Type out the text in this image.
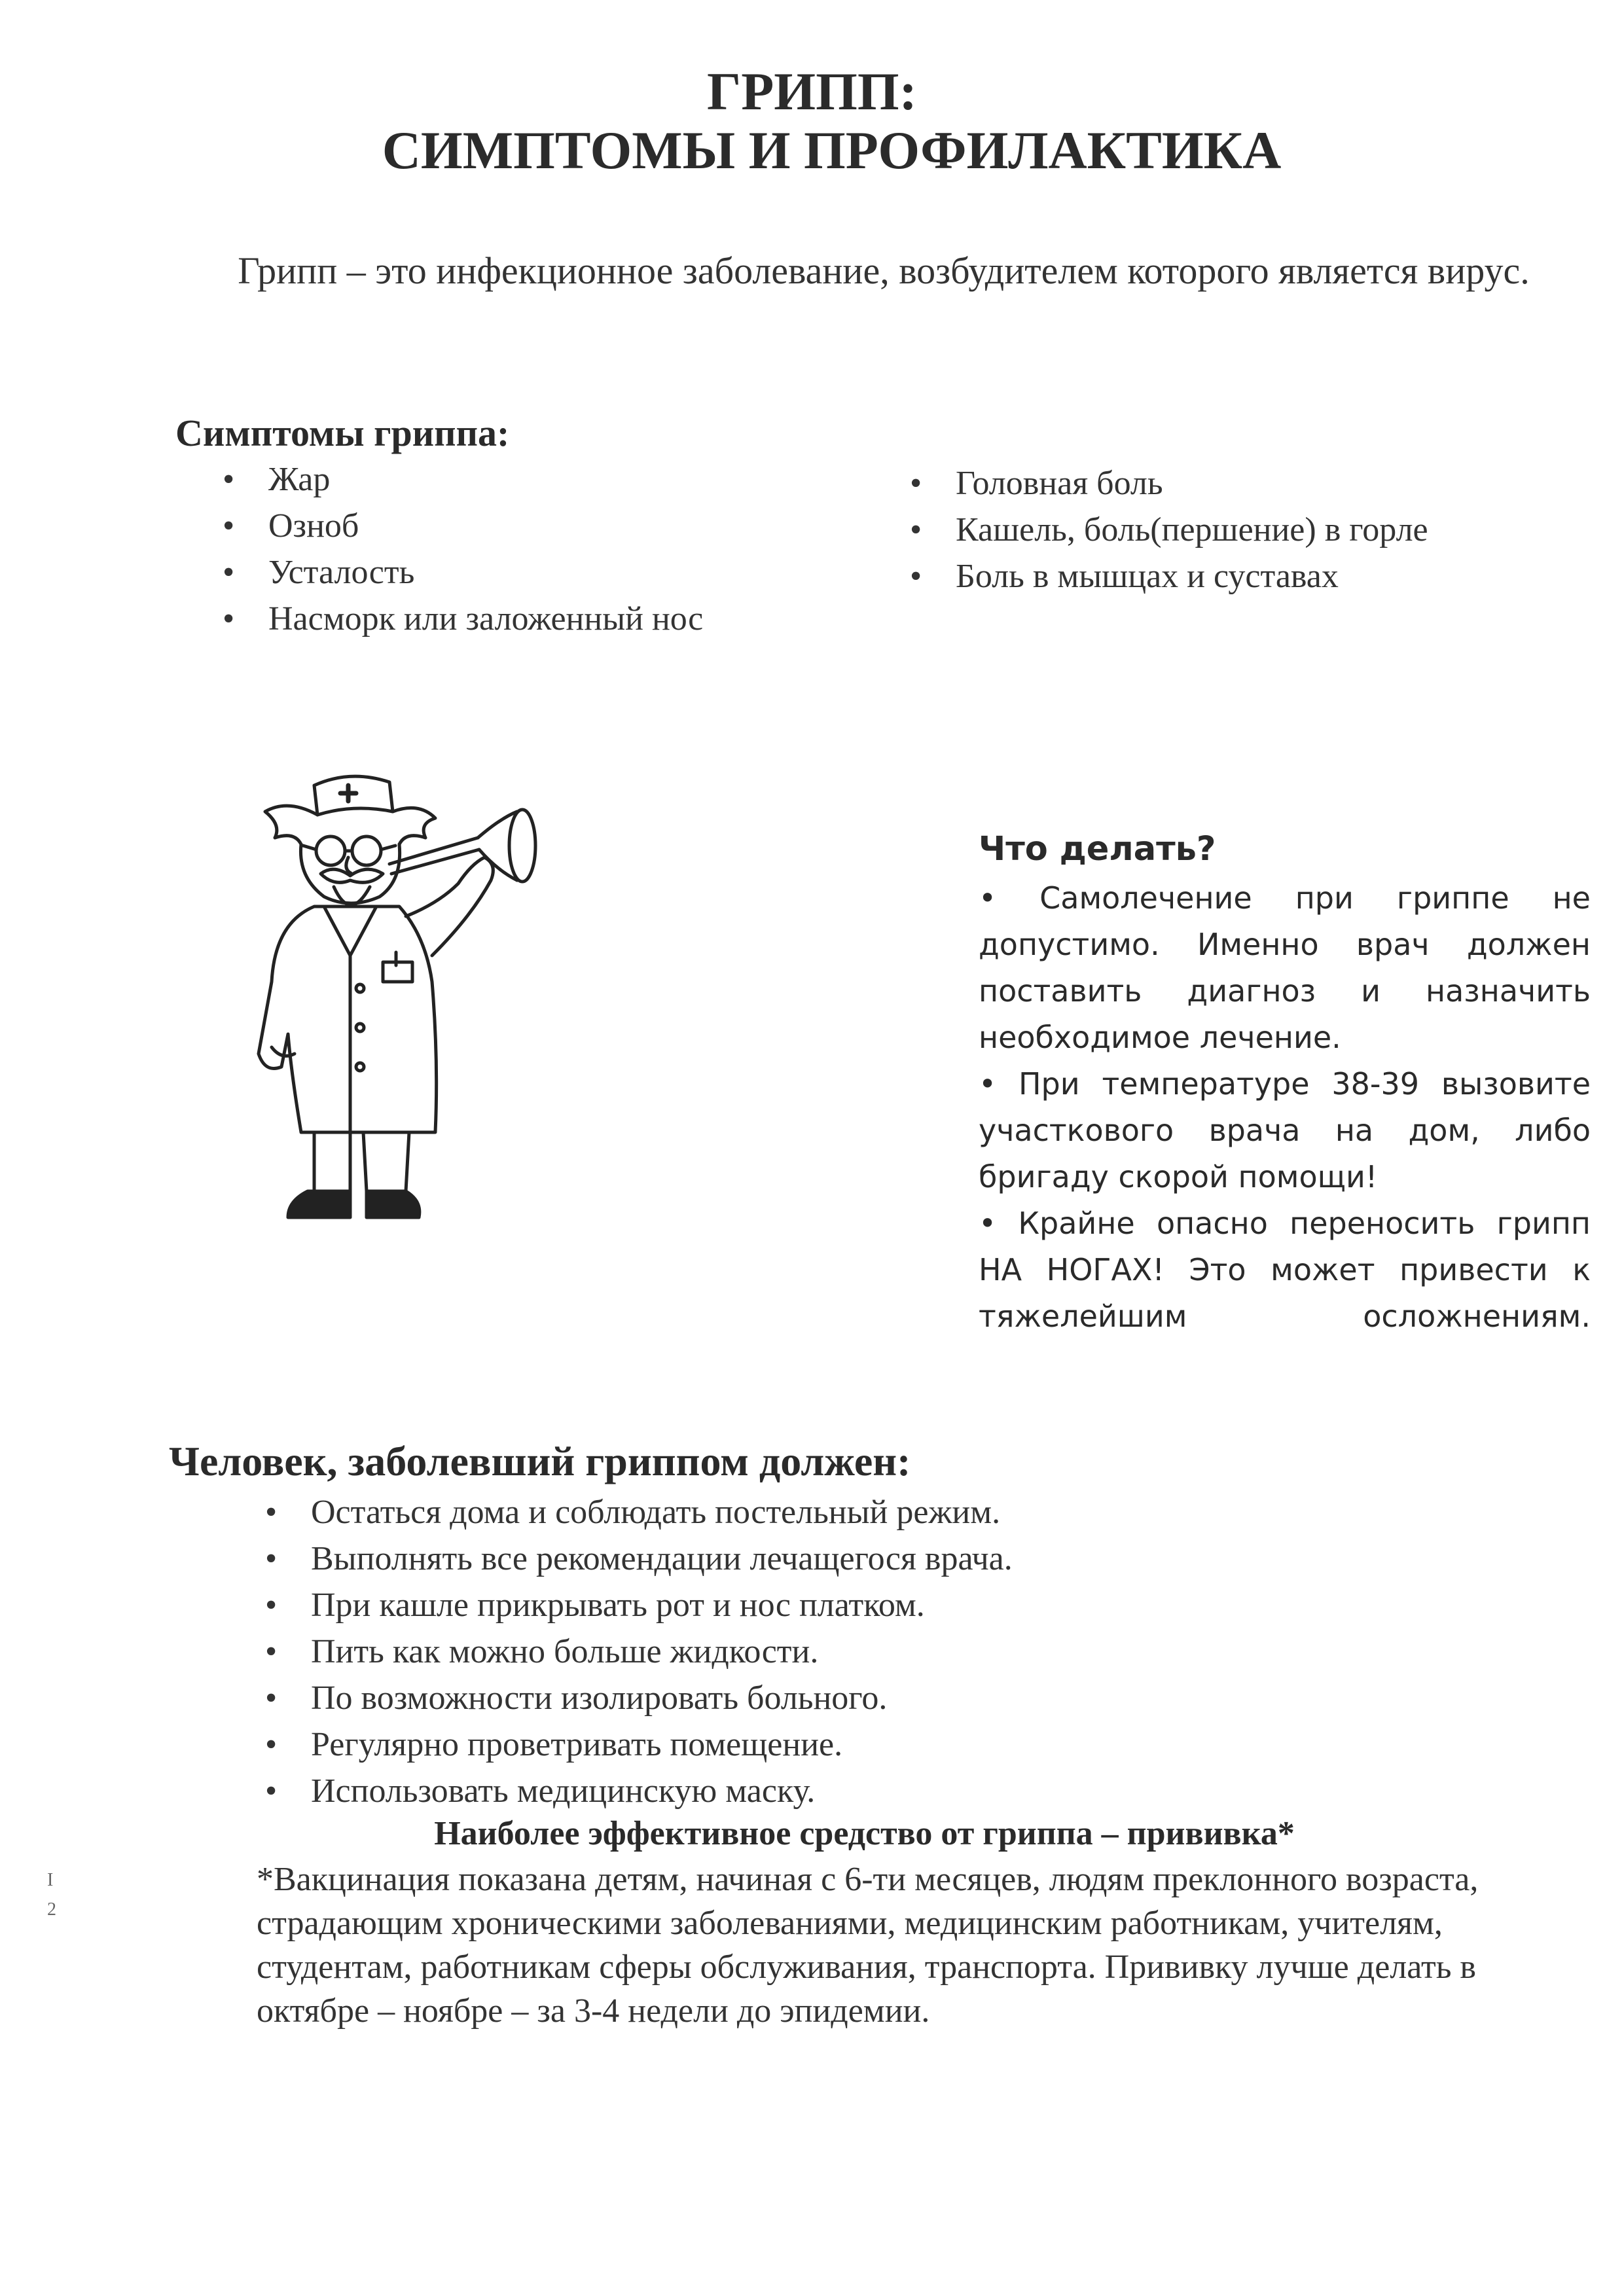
ГРИПП:
СИМПТОМЫ И ПРОФИЛАКТИКА
Грипп – это инфекционное заболевание, возбудителем которого является вирус.
Симптомы гриппа:
• Жар
• Озноб
• Усталость
• Насморк или заложенный нос
• Головная боль
• Кашель, боль(першение) в горле
• Боль в мышцах и суставах
Что делать?

• Самолечение при гриппе не допустимо. Именно врач должен поставить диагноз и назначить необходимое лечение.

• При температуре 38-39 вызовите участкового врача на дом, либо бригаду скорой помощи!

• Крайне опасно переносить грипп НА НОГАХ! Это может привести к тяжелейшим осложнениям.

Человек, заболевший гриппом должен:
• Остаться дома и соблюдать постельный режим.
• Выполнять все рекомендации лечащегося врача.
• При кашле прикрывать рот и нос платком.
• Пить как можно больше жидкости.
• По возможности изолировать больного.
• Регулярно проветривать помещение.
• Использовать медицинскую маску.
Наиболее эффективное средство от гриппа – прививка*
*Вакцинация показана детям, начиная с 6-ти месяцев, людям преклонного возраста, страдающим хроническими заболеваниями, медицинским работникам, учителям, студентам, работникам сферы обслуживания, транспорта. Прививку лучше делать в октябре – ноябре – за 3-4 недели до эпидемии.
I
2
